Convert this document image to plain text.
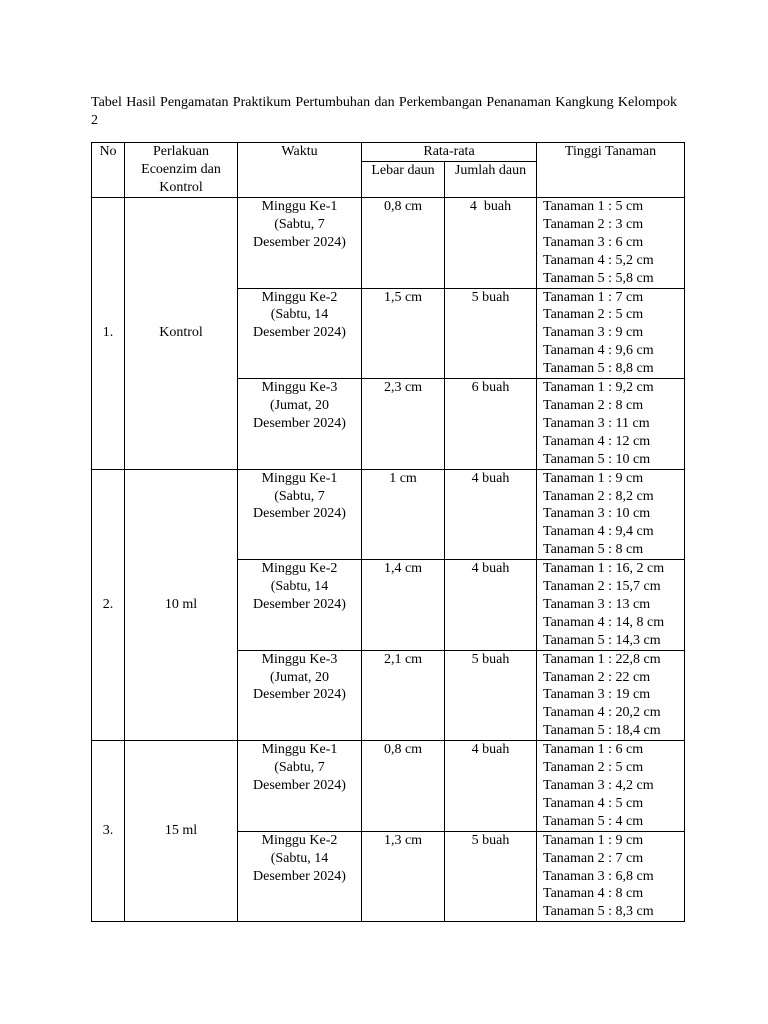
Tabel Hasil Pengamatan Praktikum Pertumbuhan dan Perkembangan Penanaman Kangkung Kelompok 2
No	Perlakuan
Ecoenzim dan
Kontrol	Waktu	Rata-rata		Tinggi Tanaman
			Lebar daun	Jumlah daun	
1.	Kontrol	Minggu Ke-1
(Sabtu, 7
Desember 2024)	0,8 cm	4  buah	Tanaman 1 : 5 cm
Tanaman 2 : 3 cm
Tanaman 3 : 6 cm
Tanaman 4 : 5,2 cm
Tanaman 5 : 5,8 cm

		Minggu Ke-2
(Sabtu, 14
Desember 2024)	1,5 cm	5 buah	Tanaman 1 : 7 cm
Tanaman 2 : 5 cm
Tanaman 3 : 9 cm
Tanaman 4 : 9,6 cm
Tanaman 5 : 8,8 cm

		Minggu Ke-3
(Jumat, 20
Desember 2024)	2,3 cm	6 buah	Tanaman 1 : 9,2 cm
Tanaman 2 : 8 cm
Tanaman 3 : 11 cm
Tanaman 4 : 12 cm
Tanaman 5 : 10 cm

2.	10 ml	Minggu Ke-1
(Sabtu, 7
Desember 2024)	1 cm	4 buah	Tanaman 1 : 9 cm
Tanaman 2 : 8,2 cm
Tanaman 3 : 10 cm
Tanaman 4 : 9,4 cm
Tanaman 5 : 8 cm

		Minggu Ke-2
(Sabtu, 14
Desember 2024)	1,4 cm	4 buah	Tanaman 1 : 16, 2 cm
Tanaman 2 : 15,7 cm
Tanaman 3 : 13 cm
Tanaman 4 : 14, 8 cm
Tanaman 5 : 14,3 cm

		Minggu Ke-3
(Jumat, 20
Desember 2024)	2,1 cm	5 buah	Tanaman 1 : 22,8 cm
Tanaman 2 : 22 cm
Tanaman 3 : 19 cm
Tanaman 4 : 20,2 cm
Tanaman 5 : 18,4 cm

3.	15 ml	Minggu Ke-1
(Sabtu, 7
Desember 2024)	0,8 cm	4 buah	Tanaman 1 : 6 cm
Tanaman 2 : 5 cm
Tanaman 3 : 4,2 cm
Tanaman 4 : 5 cm
Tanaman 5 : 4 cm

		Minggu Ke-2
(Sabtu, 14
Desember 2024)	1,3 cm	5 buah	Tanaman 1 : 9 cm
Tanaman 2 : 7 cm
Tanaman 3 : 6,8 cm
Tanaman 4 : 8 cm
Tanaman 5 : 8,3 cm
